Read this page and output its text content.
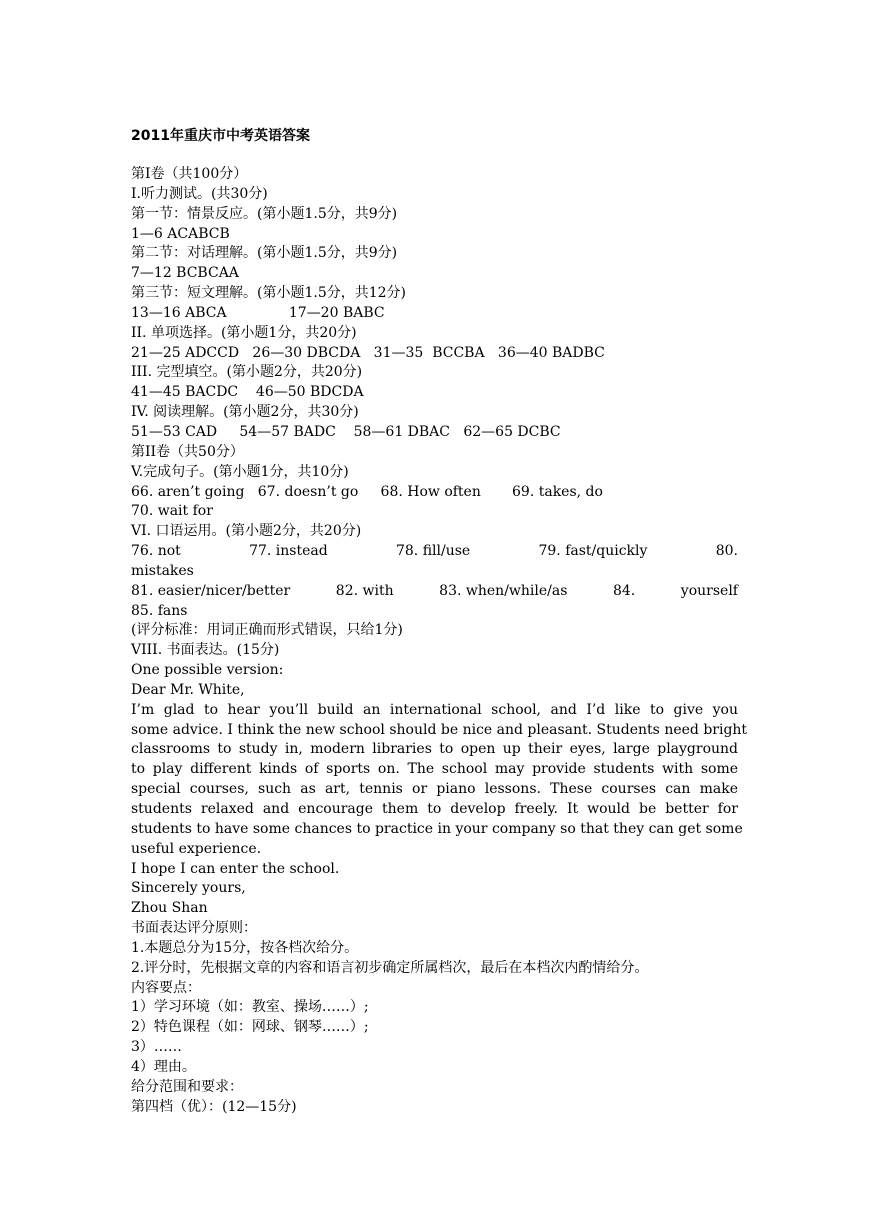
2011年重庆市中考英语答案
第Ⅰ卷（共100分）
I.听力测试。(共30分)
第一节：情景反应。(第小题1.5分，共9分)
1—6 ACABCB
第二节：对话理解。(第小题1.5分，共9分)
7—12 BCBCAA
第三节：短文理解。(第小题1.5分，共12分)
13—16 ABCA              17—20 BABC
II. 单项选择。(第小题1分，共20分)
21—25 ADCCD   26—30 DBCDA   31—35  BCCBA   36—40 BADBC
III. 完型填空。(第小题2分，共20分)
41—45 BACDC    46—50 BDCDA
IV. 阅读理解。(第小题2分，共30分)
51—53 CAD     54—57 BADC    58—61 DBAC   62—65 DCBC
第II卷（共50分）
V.完成句子。(第小题1分，共10分)
66. aren’t going   67. doesn’t go     68. How often       69. takes, do
70. wait for
VI. 口语运用。(第小题2分，共20分)
76. not	77. instead	78. fill/use	79. fast/quickly	80.
mistakes
81. easier/nicer/better	82. with	83. when/while/as	84.	yourself
85. fans
(评分标准：用词正确而形式错误，只给1分)
VIII. 书面表达。(15分)
One possible version:
Dear Mr. White,
I’m glad to hear you’ll build an international school, and I’d like to give you
some advice. I think the new school should be nice and pleasant. Students need bright
classrooms to study in, modern libraries to open up their eyes, large playground
to play different kinds of sports on. The school may provide students with some
special courses, such as art, tennis or piano lessons. These courses can make
students relaxed and encourage them to develop freely. It would be better for
students to have some chances to practice in your company so that they can get some
useful experience.
I hope I can enter the school.
Sincerely yours,
Zhou Shan
书面表达评分原则：
1.本题总分为15分，按各档次给分。
2.评分时，先根据文章的内容和语言初步确定所属档次，最后在本档次内酌情给分。
内容要点：
1）学习环境（如：教室、操场……）;
2）特色课程（如：网球、钢琴……）;
3）……
4）理由。
给分范围和要求：
第四档（优）：(12—15分)
